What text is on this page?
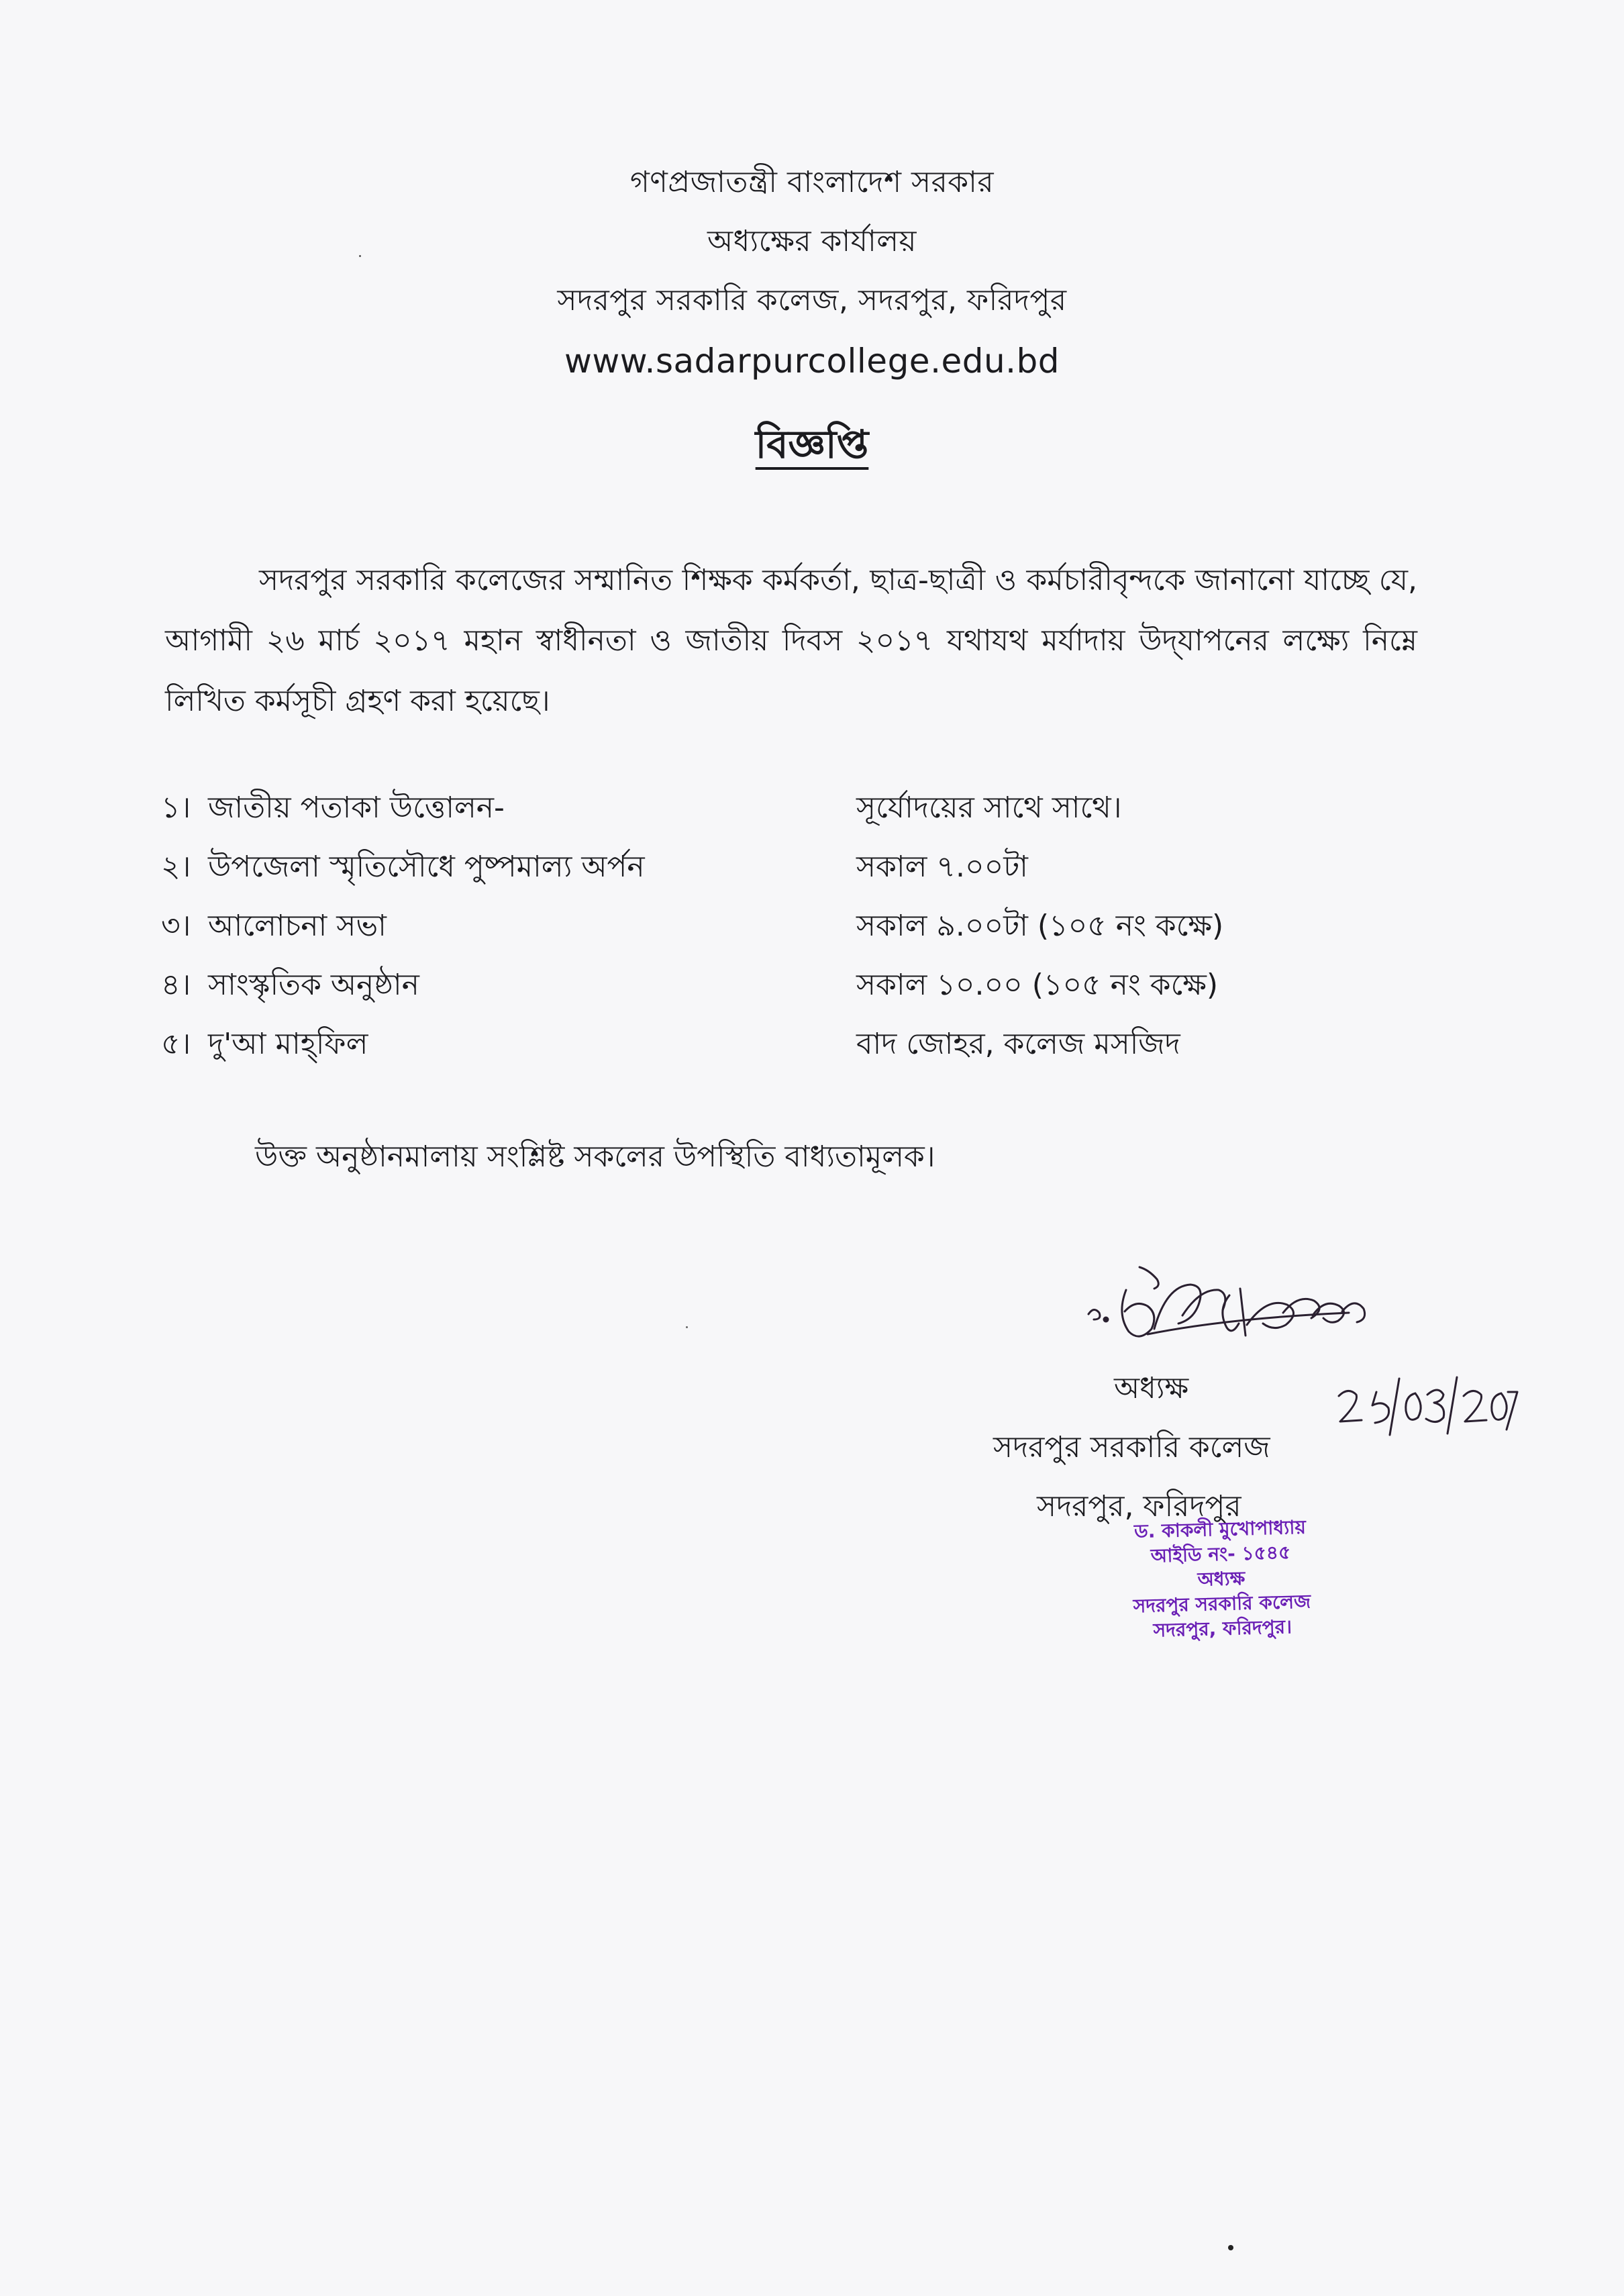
গণপ্রজাতন্ত্রী বাংলাদেশ সরকার
অধ্যক্ষের কার্যালয়
সদরপুর সরকারি কলেজ, সদরপুর, ফরিদপুর
www.sadarpurcollege.edu.bd
বিজ্ঞপ্তি
সদরপুর সরকারি কলেজের সম্মানিত শিক্ষক কর্মকর্তা, ছাত্র-ছাত্রী ও কর্মচারীবৃন্দকে জানানো যাচ্ছে যে, আগামী ২৬ মার্চ ২০১৭ মহান স্বাধীনতা ও জাতীয় দিবস ২০১৭ যথাযথ মর্যাদায় উদ্‌যাপনের লক্ষ্যে নিম্নে লিখিত কর্মসূচী গ্রহণ করা হয়েছে।
১। জাতীয় পতাকা উত্তোলন-	সূর্যোদয়ের সাথে সাথে।
২। উপজেলা স্মৃতিসৌধে পুষ্পমাল্য অর্পন	সকাল ৭.০০টা
৩। আলোচনা সভা	সকাল ৯.০০টা (১০৫ নং কক্ষে)
৪। সাংস্কৃতিক অনুষ্ঠান	সকাল ১০.০০ (১০৫ নং কক্ষে)
৫। দু'আ মাহ্‌ফিল	বাদ জোহর, কলেজ মসজিদ
উক্ত অনুষ্ঠানমালায় সংশ্লিষ্ট সকলের উপস্থিতি বাধ্যতামূলক।
25/03/2017
অধ্যক্ষ
সদরপুর সরকারি কলেজ
সদরপুর, ফরিদপুর
ড. কাকলী মুখোপাধ্যায়
আইডি নং- ১৫৪৫
অধ্যক্ষ
সদরপুর সরকারি কলেজ
সদরপুর, ফরিদপুর।
